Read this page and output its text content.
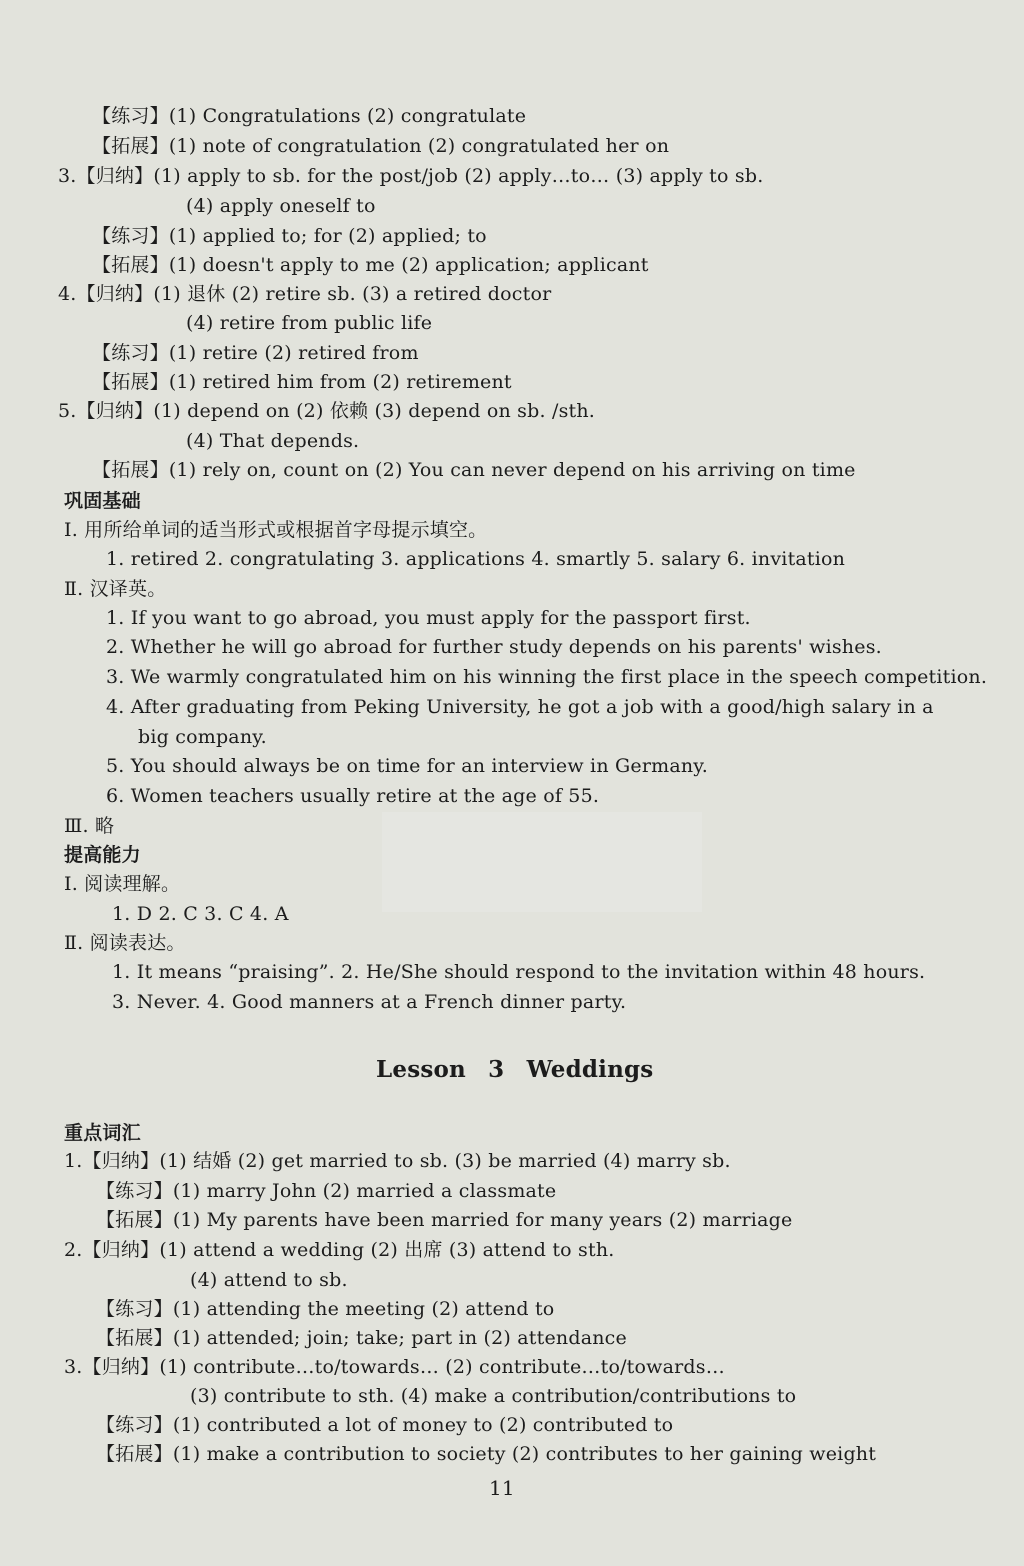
【练习】(1) Congratulations (2) congratulate
【拓展】(1) note of congratulation (2) congratulated her on
3.【归纳】(1) apply to sb. for the post/job (2) apply…to… (3) apply to sb.
(4) apply oneself to
【练习】(1) applied to; for (2) applied; to
【拓展】(1) doesn't apply to me (2) application; applicant
4.【归纳】(1) 退休 (2) retire sb. (3) a retired doctor
(4) retire from public life
【练习】(1) retire (2) retired from
【拓展】(1) retired him from (2) retirement
5.【归纳】(1) depend on (2) 依赖 (3) depend on sb. /sth.
(4) That depends.
【拓展】(1) rely on, count on (2) You can never depend on his arriving on time
巩固基础
Ⅰ. 用所给单词的适当形式或根据首字母提示填空。
1. retired 2. congratulating 3. applications 4. smartly 5. salary 6. invitation
Ⅱ. 汉译英。
1. If you want to go abroad, you must apply for the passport first.
2. Whether he will go abroad for further study depends on his parents' wishes.
3. We warmly congratulated him on his winning the first place in the speech competition.
4. After graduating from Peking University, he got a job with a good/high salary in a
big company.
5. You should always be on time for an interview in Germany.
6. Women teachers usually retire at the age of 55.
Ⅲ. 略
提高能力
Ⅰ. 阅读理解。
1. D 2. C 3. C 4. A
Ⅱ. 阅读表达。
1. It means “praising”. 2. He/She should respond to the invitation within 48 hours.
3. Never. 4. Good manners at a French dinner party.
Lesson 3 Weddings
重点词汇
1.【归纳】(1) 结婚 (2) get married to sb. (3) be married (4) marry sb.
【练习】(1) marry John (2) married a classmate
【拓展】(1) My parents have been married for many years (2) marriage
2.【归纳】(1) attend a wedding (2) 出席 (3) attend to sth.
(4) attend to sb.
【练习】(1) attending the meeting (2) attend to
【拓展】(1) attended; join; take; part in (2) attendance
3.【归纳】(1) contribute…to/towards… (2) contribute…to/towards…
(3) contribute to sth. (4) make a contribution/contributions to
【练习】(1) contributed a lot of money to (2) contributed to
【拓展】(1) make a contribution to society (2) contributes to her gaining weight
11
